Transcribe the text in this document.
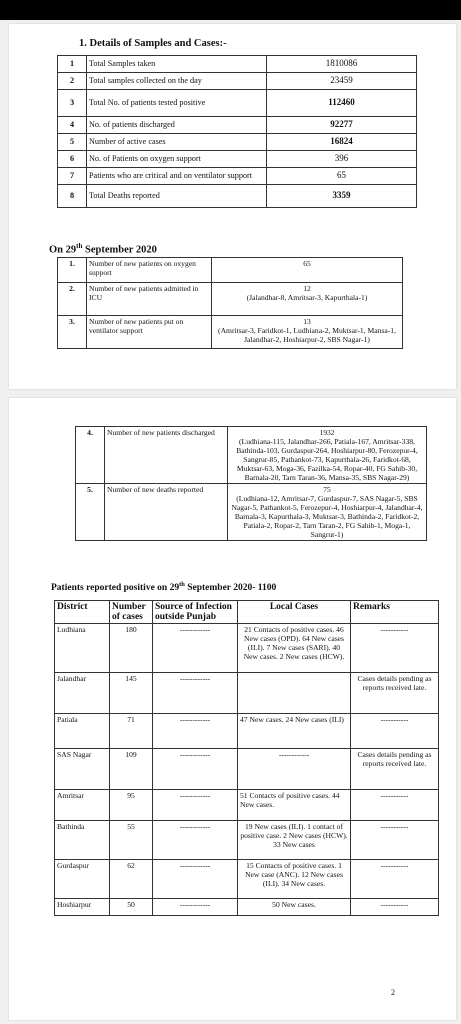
1. Details of Samples and Cases:-
1	Total Samples taken	1810086
2	Total samples collected on the day	23459
3	Total No. of patients tested positive	112460
4	No. of patients discharged	92277
5	Number of active cases	16824
6	No. of Patients on oxygen support	396
7	Patients who are critical and on ventilator support	65
8	Total Deaths reported	3359
On 29th September 2020
1.	Number of new patients on oxygen support	65

2.	Number of new patients admitted in ICU	12
(Jalandhar-8, Amritsar-3, Kapurthala-1)

3.	Number of new patients put on ventilator support	13
(Amritsar-3, Faridkot-1, Ludhiana-2, Muktsar-1, Mansa-1, Jalandhar-2, Hoshiarpur-2, SBS Nagar-1)
4.	Number of new patients discharged	1932
(Ludhiana-115, Jalandhar-266, Patiala-167, Amritsar-338, Bathinda-103, Gurdaspur-264, Hoshiarpur-80, Ferozepur-4, Sangrur-85, Pathankot-73, Kapurthala-26, Faridkot-68, Muktsar-63, Moga-36, Fazilka-54, Ropar-40, FG Sahib-30, Barnala-20, Tarn Taran-36, Mansa-35, SBS Nagar-29)

5.	Number of new deaths reported	75
(Ludhiana-12, Amritsar-7, Gurdaspur-7, SAS Nagar-5, SBS Nagar-5, Pathankot-5, Ferozepur-4, Hoshiarpur-4, Jalandhar-4, Barnala-3, Kapurthala-3, Muktsar-3, Bathinda-2, Faridkot-2, Patiala-2, Ropar-2, Tarn Taran-2, FG Sahib-1, Moga-1, Sangrur-1)
Patients reported positive on 29th September 2020- 1100
District	Number of cases	Source of Infection outside Punjab	Local Cases	Remarks
Ludhiana	180	------------	21 Contacts of positive cases. 46 New cases (OPD). 64 New cases (ILI). 7 New cases (SARI). 40 New cases. 2 New cases (HCW).	-----------
Jalandhar	145	------------		Cases details pending as reports received late.
Patiala	71	------------	47 New cases. 24 New cases (ILI)	-----------
SAS Nagar	109	------------	------------	Cases details pending as reports received late.
Amritsar	95	------------	51 Contacts of positive cases. 44 New cases.	-----------
Bathinda	55	------------	19 New cases (ILI). 1 contact of positive case. 2 New cases (HCW). 33 New cases	-----------
Gurdaspur	62	------------	15 Contacts of positive cases. 1 New case (ANC). 12 New cases (ILI). 34 New cases.	-----------
Hoshiarpur	50	------------	50 New cases.	-----------
2
